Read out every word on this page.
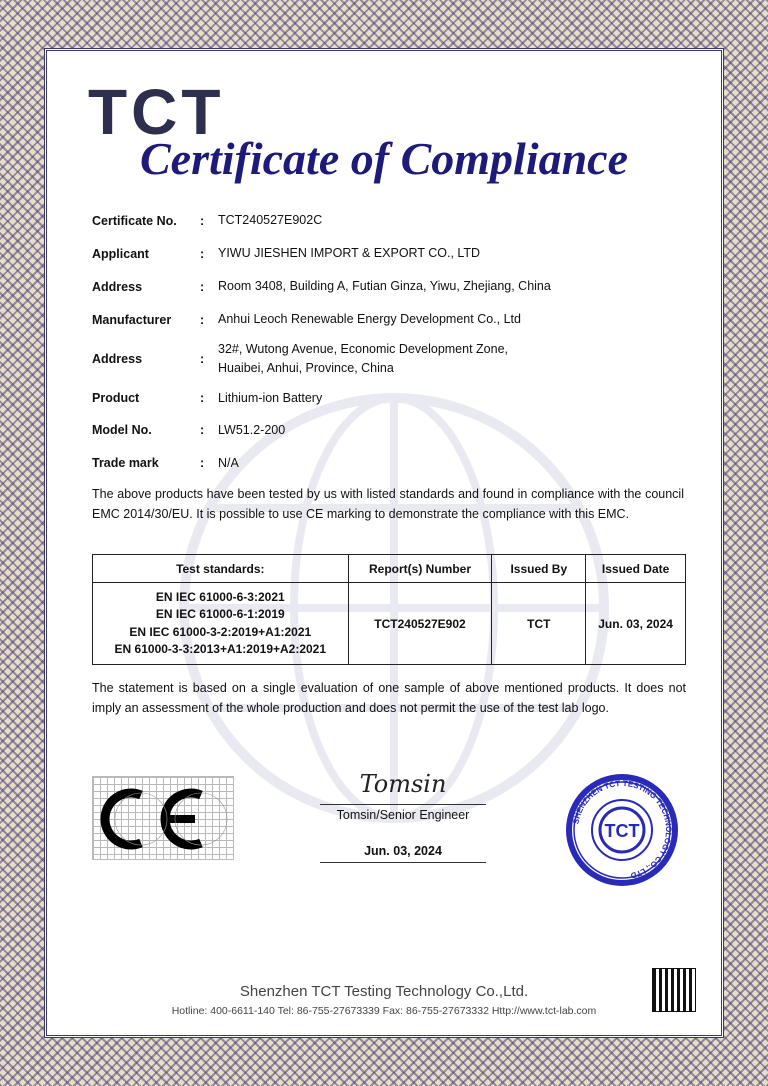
TCT
Certificate of Compliance
Certificate No.	:	TCT240527E902C
Applicant	:	YIWU JIESHEN IMPORT & EXPORT CO., LTD
Address	:	Room 3408, Building A, Futian Ginza, Yiwu, Zhejiang, China
Manufacturer	:	Anhui Leoch Renewable Energy Development Co., Ltd
Address	:
32#, Wutong Avenue, Economic Development Zone, Huaibei, Anhui, Province, China
Product	:	Lithium-ion Battery
Model No.	:	LW51.2-200
Trade mark	:	N/A

The above products have been tested by us with listed standards and found in compliance with the council EMC 2014/30/EU. It is possible to use CE marking to demonstrate the compliance with this EMC.

Test standards:	Report(s) Number	Issued By	Issued Date

EN IEC 61000-6-3:2021
EN IEC 61000-6-1:2019
EN IEC 61000-3-2:2019+A1:2021
EN 61000-3-3:2013+A1:2019+A2:2021	TCT240527E902	TCT	Jun. 03, 2024

The statement is based on a single evaluation of one sample of above mentioned products. It does not imply an assessment of the whole production and does not permit the use of the test lab logo.

Tomsin
Tomsin/Senior Engineer
Jun. 03, 2024
SHENZHEN TCT TESTING TECHNOLOGY CO., LTD
TCT
Shenzhen TCT Testing Technology Co.,Ltd.
Hotline: 400-6611-140 Tel: 86-755-27673339 Fax: 86-755-27673332 Http://www.tct-lab.com
